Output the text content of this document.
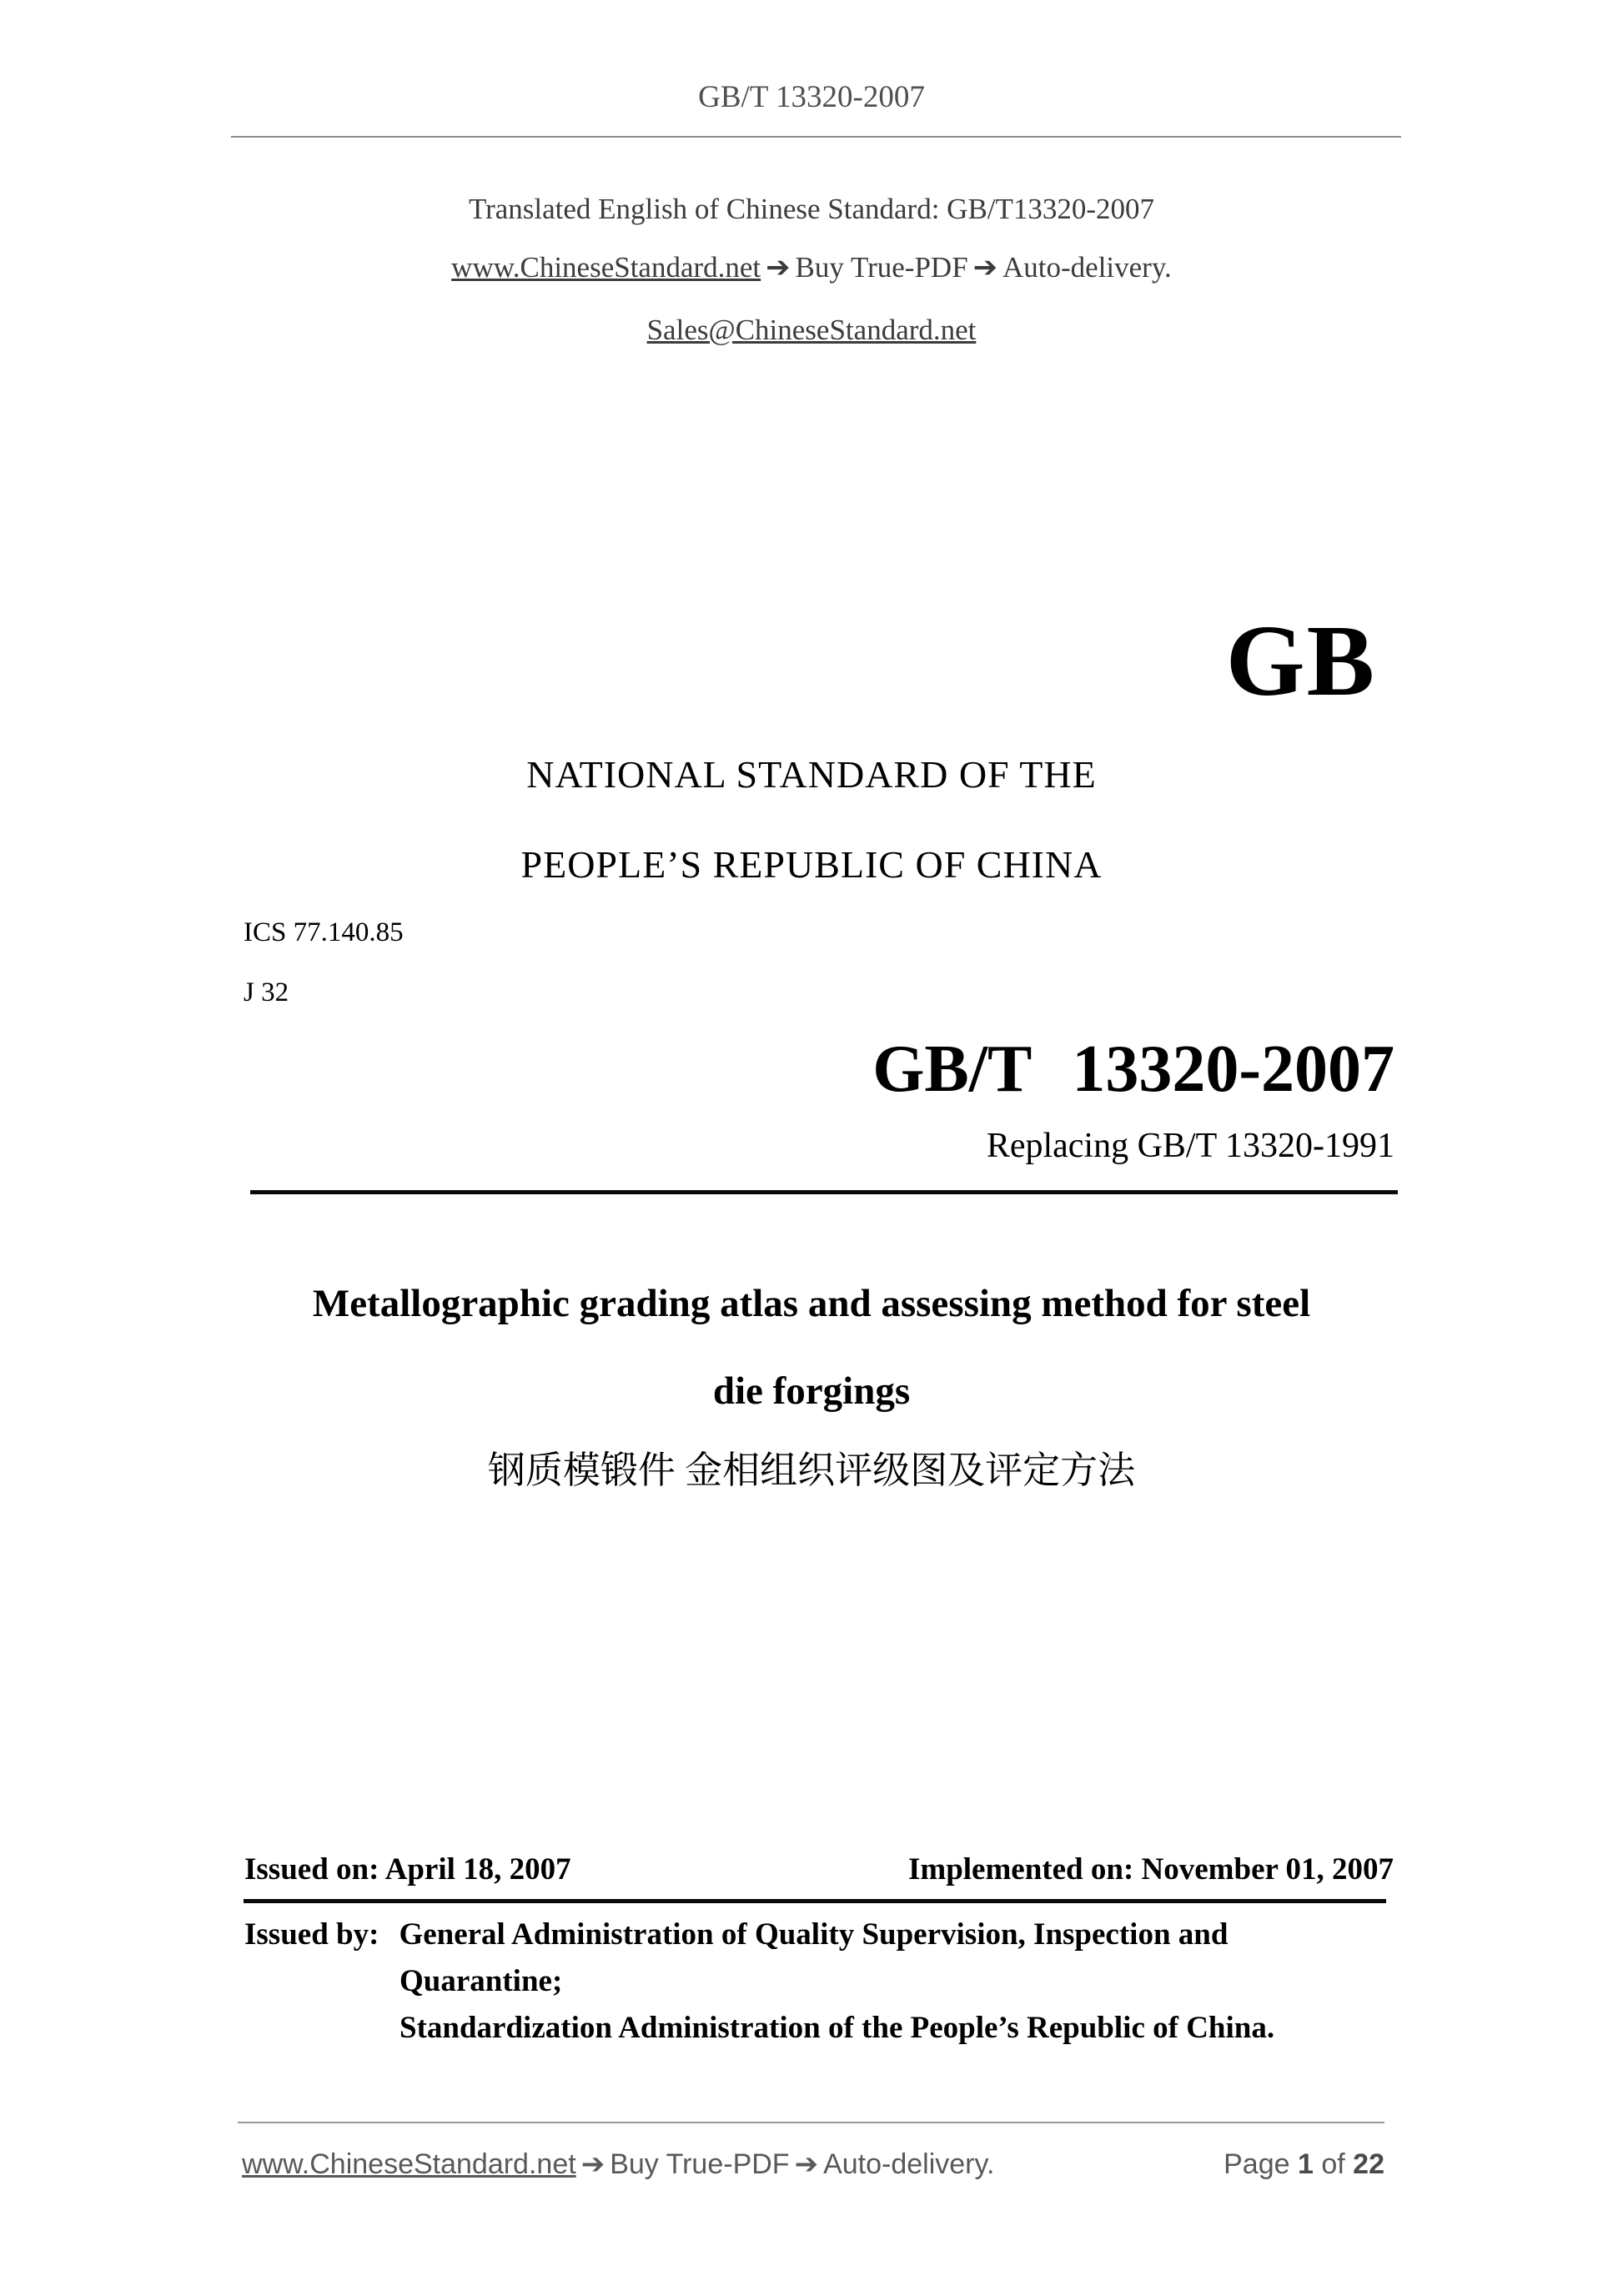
GB/T 13320-2007
Translated English of Chinese Standard: GB/T13320-2007
www.ChineseStandard.net ➔ Buy True-PDF ➔ Auto-delivery.
Sales@ChineseStandard.net
GB
NATIONAL STANDARD OF THE
PEOPLE’S REPUBLIC OF CHINA
ICS 77.140.85
J 32
GB/T 13320-2007
Replacing GB/T 13320-1991
Metallographic grading atlas and assessing method for steel
die forgings
钢质模锻件 金相组织评级图及评定方法
Issued on: April 18, 2007	Implemented on: November 01, 2007
Issued by: General Administration of Quality Supervision, Inspection and
Quarantine;
Standardization Administration of the People’s Republic of China.
www.ChineseStandard.net ➔ Buy True-PDF ➔ Auto-delivery.	Page 1 of 22
